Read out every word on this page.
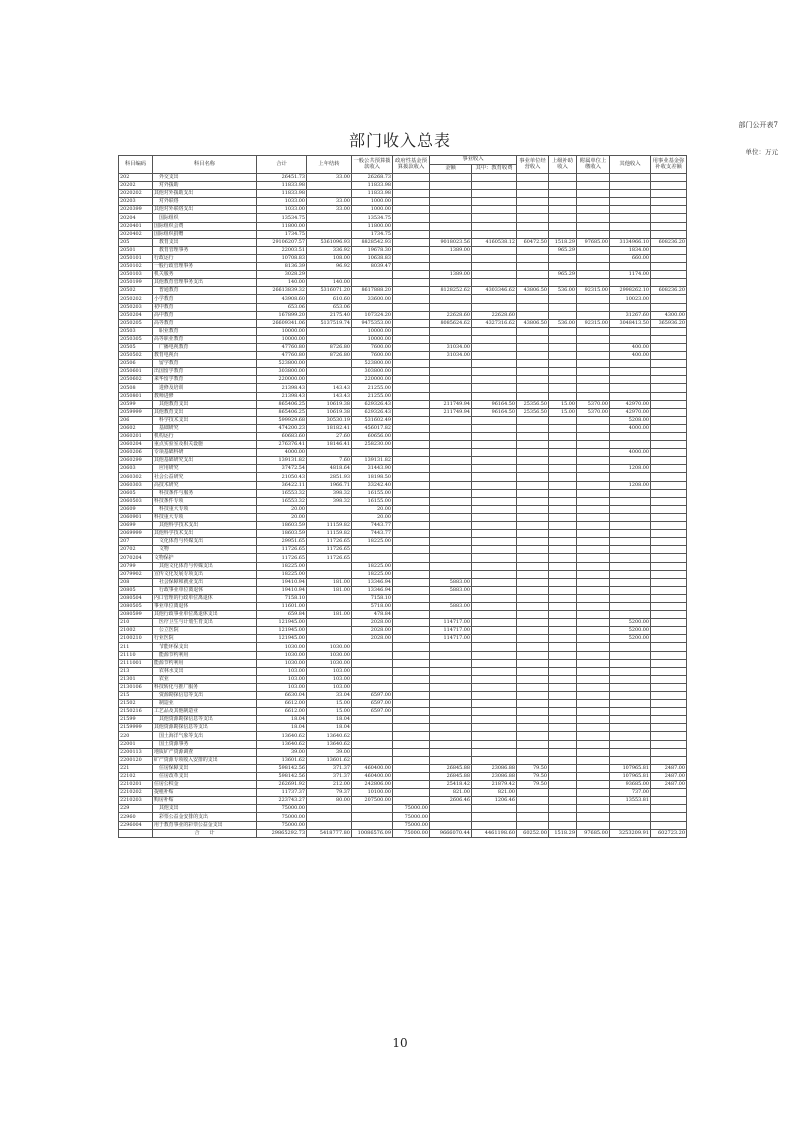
部门公开表7
部门收入总表
单位：万元
科目编码	科目名称	合计	上年结转	一般公共预算拨款收入	政府性基金预算拨款收入	事业收入		事业单位经营收入	上级补助收入	附属单位上缴收入	其他收入	用事业基金弥补收支差额
						金额	其中：教育收费					
202	外交支出	26451.73	33.00	26268.73								
20202	对外援助	11833.98		11833.98								
2020202	其他对外援助支出	11833.98		11833.98								
20203	对外联络	1033.00	33.00	1000.00								
2020399	其他对外联络支出	1033.00	33.00	1000.00								
20204	国际组织	13534.75		13534.75								
2020401	国际组织会费	11800.00		11800.00								
2020402	国际组织捐赠	1734.75		1734.75								
205	教育支出	29106207.57	5361096.93	8828542.93		9018023.56	4160538.12	60472.50	1518.29	97685.00	3134966.10	608236.20
20501	教育管理事务	22003.51	336.92	19678.30		1389.00			965.29		1834.00	
2050101	行政运行	10708.83	108.00	10638.83							660.00	
2050102	一般行政管理事务	8136.39	96.92	8039.47								
2050103	机关服务	3028.29				1389.00			965.29		1174.00	
2050199	其他教育管理事务支出	140.00	140.00									
20502	普通教育	26613839.32	5316071.20	8617888.20		8128252.62	4303346.62	43806.50	536.00	92315.00	2998262.10	608236.20
2050202	小学教育	43908.60	610.60	33600.00							10023.00	
2050203	初中教育	653.06	653.06									
2050204	高中教育	167899.20	2175.40	107324.20		22628.60	22628.60				31267.60	4300.00
2050205	高等教育	26609341.06	5137519.74	9475353.00		8085624.62	4327316.62	43806.50	536.00	92315.00	3048413.50	365936.20
20503	职业教育	10000.00		10000.00								
2050305	高等职业教育	10000.00		10000.00								
20505	广播电视教育	47760.80	8726.80	7600.00		31034.00					400.00	
2050502	教育电视台	47760.80	8726.80	7600.00		31034.00					400.00	
20506	留学教育	523800.00		523800.00								
2050601	出国留学教育	303800.00		303800.00								
2050602	来华留学教育	220000.00		220000.00								
20508	进修及培训	21398.43	143.43	21255.00								
2050801	教师进修	21398.43	143.43	21255.00								
20599	其他教育支出	865406.25	10619.38	629326.43		211749.94	96164.50	25356.50	15.00	5370.00	42970.00	
2059999	其他教育支出	865406.25	10619.38	629326.43		211749.94	96164.50	25356.50	15.00	5370.00	42970.00	
206	科学技术支出	599929.68	30530.19	531602.49							5208.00	
20602	基础研究	474200.23	18182.41	456017.82							4000.00	
2060201	机构运行	60683.60	27.60	60656.00								
2060204	重点实验室及相关设施	276376.41	18146.41	258230.00								
2060206	专项基础科研	4000.00									4000.00	
2060299	其他基础研究支出	139131.82	7.60	139131.82								
20603	应用研究	37472.54	4818.64	31443.90							1208.00	
2060302	社会公益研究	21050.43	2851.93	18198.50								
2060303	高技术研究	36422.11	1966.71	33242.40							1208.00	
20605	科技条件与服务	16553.32	398.32	16155.00								
2060503	科技条件专项	16553.32	398.32	16155.00								
20609	科技重大专项	20.00		20.00								
2060901	科技重大专项	20.00		20.00								
20699	其他科学技术支出	18603.59	11159.82	7443.77								
2069999	其他科学技术支出	18603.59	11159.82	7443.77								
207	文化体育与传媒支出	29951.65	11726.65	18225.00								
20702	文物	11726.65	11726.65									
2070204	文物保护	11726.65	11726.65									
20799	其他文化体育与传媒支出	18225.00		18225.00								
2079902	宣传文化发展专项支出	18225.00		18225.00								
208	社会保障和就业支出	19410.94	181.00	13346.94		5883.00						
20805	行政事业单位离退休	19410.94	181.00	13346.94		5883.00						
2080504	内口管理的行政单位离退休	7158.10		7158.10								
2080505	事业单位离退休	11601.00		5718.00		5883.00						
2080599	其他行政事业单位离退休支出	659.84	181.00	478.84								
210	医疗卫生与计划生育支出	121945.00		2028.00		114717.00					5200.00	
21002	公立医院	121945.00		2028.00		114717.00					5200.00	
2100210	行业医院	121945.00		2028.00		114717.00					5200.00	
211	节能环保支出	1030.00	1030.00									
21110	能源节约利用	1030.00	1030.00									
2111001	能源节约利用	1030.00	1030.00									
213	农林水支出	103.00	103.00									
21301	农业	103.00	103.00									
2130106	科技转化与推广服务	103.00	103.00									
215	资源勘探信息等支出	6630.04	33.04	6597.00								
21502	制造业	6612.00	15.00	6597.00								
2150216	工艺品及其他制造业	6612.00	15.00	6597.00								
21599	其他资源勘探信息等支出	18.04	18.04									
2159999	其他资源勘探信息等支出	18.04	18.04									
220	国土海洋气象等支出	13640.62	13640.62									
22001	国土资源事务	13640.62	13640.62									
2200113	地质矿产资源调查	39.00	39.00									
2200120	矿产资源专项收入安排的支出	13601.62	13601.62									
221	住房保障支出	598142.56	371.37	460400.00		26845.88	23086.88	79.50			107965.81	2487.00
22102	住房改革支出	598142.56	371.37	460400.00		26845.88	23086.88	79.50			107965.81	2487.00
2210201	住房公积金	262691.92	212.00	242806.00		25418.42	21879.42	79.50			93685.00	2487.00
2210202	提租补贴	11737.37	79.37	10100.00		821.00	821.00				737.00	
2210203	购房补贴	223743.27	80.00	207500.00		2606.46	1206.46				13553.81	
229	其他支出	75000.00			75000.00							
22960	彩票公益金安排的支出	75000.00			75000.00							
2296004	用于教育事业的彩票公益金支出	75000.00			75000.00							
	合　　计	29865292.73	5418777.80	10086576.09	75000.00	9666070.44	4461198.60	60252.00	1518.29	97685.00	3253209.91	602723.20
10
